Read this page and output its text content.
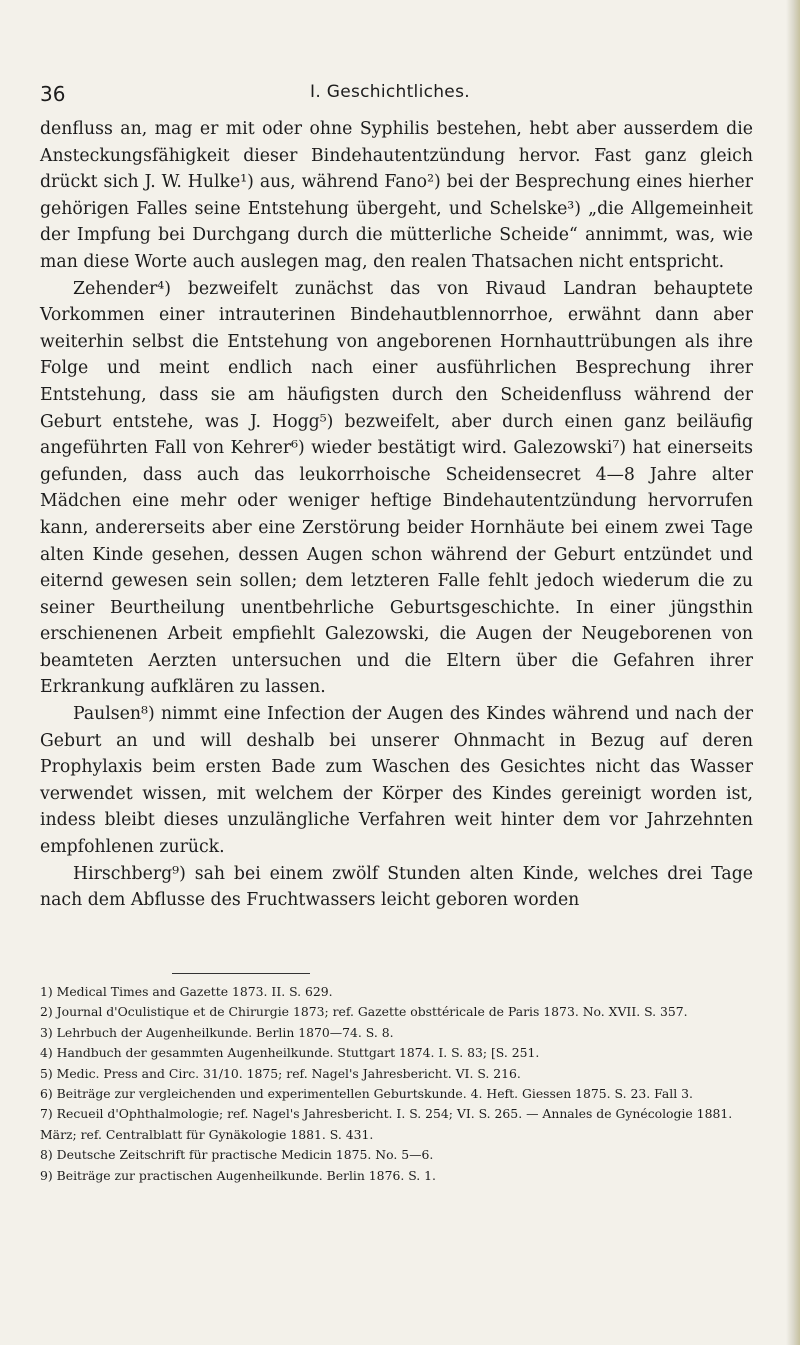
36	I. Geschichtliches.

denfluss an, mag er mit oder ohne Syphilis bestehen, hebt aber ausserdem die Ansteckungsfähigkeit dieser Bindehautentzündung hervor. Fast ganz gleich drückt sich J. W. Hulke¹) aus, während Fano²) bei der Besprechung eines hierher gehörigen Falles seine Entstehung übergeht, und Schelske³) „die Allgemeinheit der Impfung bei Durchgang durch die mütterliche Scheide“ annimmt, was, wie man diese Worte auch auslegen mag, den realen Thatsachen nicht entspricht.

Zehender⁴) bezweifelt zunächst das von Rivaud Landran behauptete Vorkommen einer intrauterinen Bindehautblennorrhoe, erwähnt dann aber weiterhin selbst die Entstehung von angeborenen Hornhauttrübungen als ihre Folge und meint endlich nach einer ausführlichen Besprechung ihrer Entstehung, dass sie am häufigsten durch den Scheidenfluss während der Geburt entstehe, was J. Hogg⁵) bezweifelt, aber durch einen ganz beiläufig angeführten Fall von Kehrer⁶) wieder bestätigt wird. Galezowski⁷) hat einerseits gefunden, dass auch das leukorrhoische Scheidensecret 4—8 Jahre alter Mädchen eine mehr oder weniger heftige Bindehautentzündung hervorrufen kann, andererseits aber eine Zerstörung beider Hornhäute bei einem zwei Tage alten Kinde gesehen, dessen Augen schon während der Geburt entzündet und eiternd gewesen sein sollen; dem letzteren Falle fehlt jedoch wiederum die zu seiner Beurtheilung unentbehrliche Geburtsgeschichte. In einer jüngsthin erschienenen Arbeit empfiehlt Galezowski, die Augen der Neugeborenen von beamteten Aerzten untersuchen und die Eltern über die Gefahren ihrer Erkrankung aufklären zu lassen.

Paulsen⁸) nimmt eine Infection der Augen des Kindes während und nach der Geburt an und will deshalb bei unserer Ohnmacht in Bezug auf deren Prophylaxis beim ersten Bade zum Waschen des Gesichtes nicht das Wasser verwendet wissen, mit welchem der Körper des Kindes gereinigt worden ist, indess bleibt dieses unzulängliche Verfahren weit hinter dem vor Jahrzehnten empfohlenen zurück.

Hirschberg⁹) sah bei einem zwölf Stunden alten Kinde, welches drei Tage nach dem Abflusse des Fruchtwassers leicht geboren worden

1) Medical Times and Gazette 1873. II. S. 629.
2) Journal d'Oculistique et de Chirurgie 1873; ref. Gazette obsttéricale de Paris 1873. No. XVII. S. 357.
3) Lehrbuch der Augenheilkunde. Berlin 1870—74. S. 8.
4) Handbuch der gesammten Augenheilkunde. Stuttgart 1874. I. S. 83; [S. 251.
5) Medic. Press and Circ. 31/10. 1875; ref. Nagel's Jahresbericht. VI. S. 216.
6) Beiträge zur vergleichenden und experimentellen Geburtskunde. 4. Heft. Giessen 1875. S. 23. Fall 3.
7) Recueil d'Ophthalmologie; ref. Nagel's Jahresbericht. I. S. 254; VI. S. 265. — Annales de Gynécologie 1881. März; ref. Centralblatt für Gynäkologie 1881. S. 431.
8) Deutsche Zeitschrift für practische Medicin 1875. No. 5—6.
9) Beiträge zur practischen Augenheilkunde. Berlin 1876. S. 1.
